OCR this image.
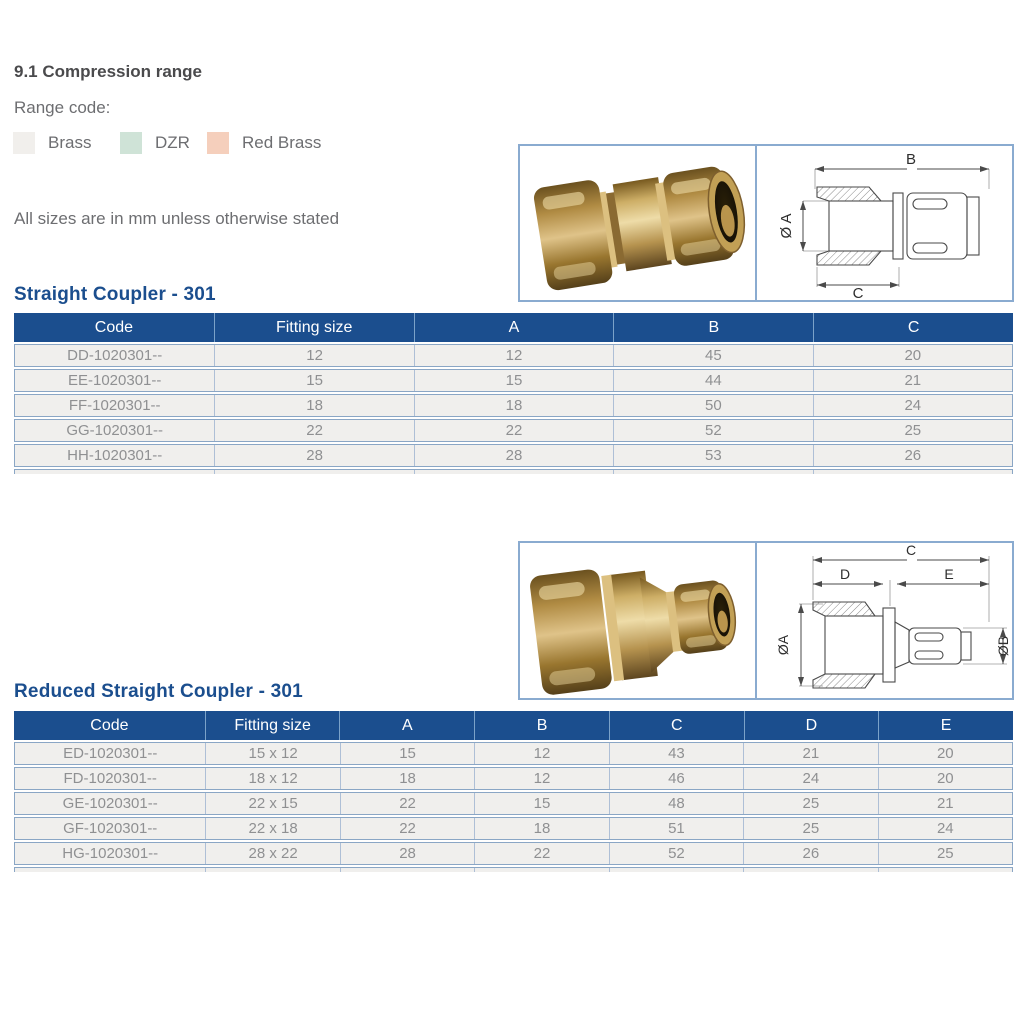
9.1 Compression range
Range code:
Brass	DZR	Red Brass
All sizes are in mm unless otherwise stated
B
Ø A
C
Straight Coupler - 301
Code	Fitting size	A	B	C
DD-1020301--	12	12	45	20
EE-1020301--	15	15	44	21
FF-1020301--	18	18	50	24
GG-1020301--	22	22	52	25
HH-1020301--	28	28	53	26
C
D	E
ØA	ØB
Reduced Straight Coupler - 301
Code	Fitting size	A	B	C	D	E
ED-1020301--	15 x 12	15	12	43	21	20
FD-1020301--	18 x 12	18	12	46	24	20
GE-1020301--	22 x 15	22	15	48	25	21
GF-1020301--	22 x 18	22	18	51	25	24
HG-1020301--	28 x 22	28	22	52	26	25
